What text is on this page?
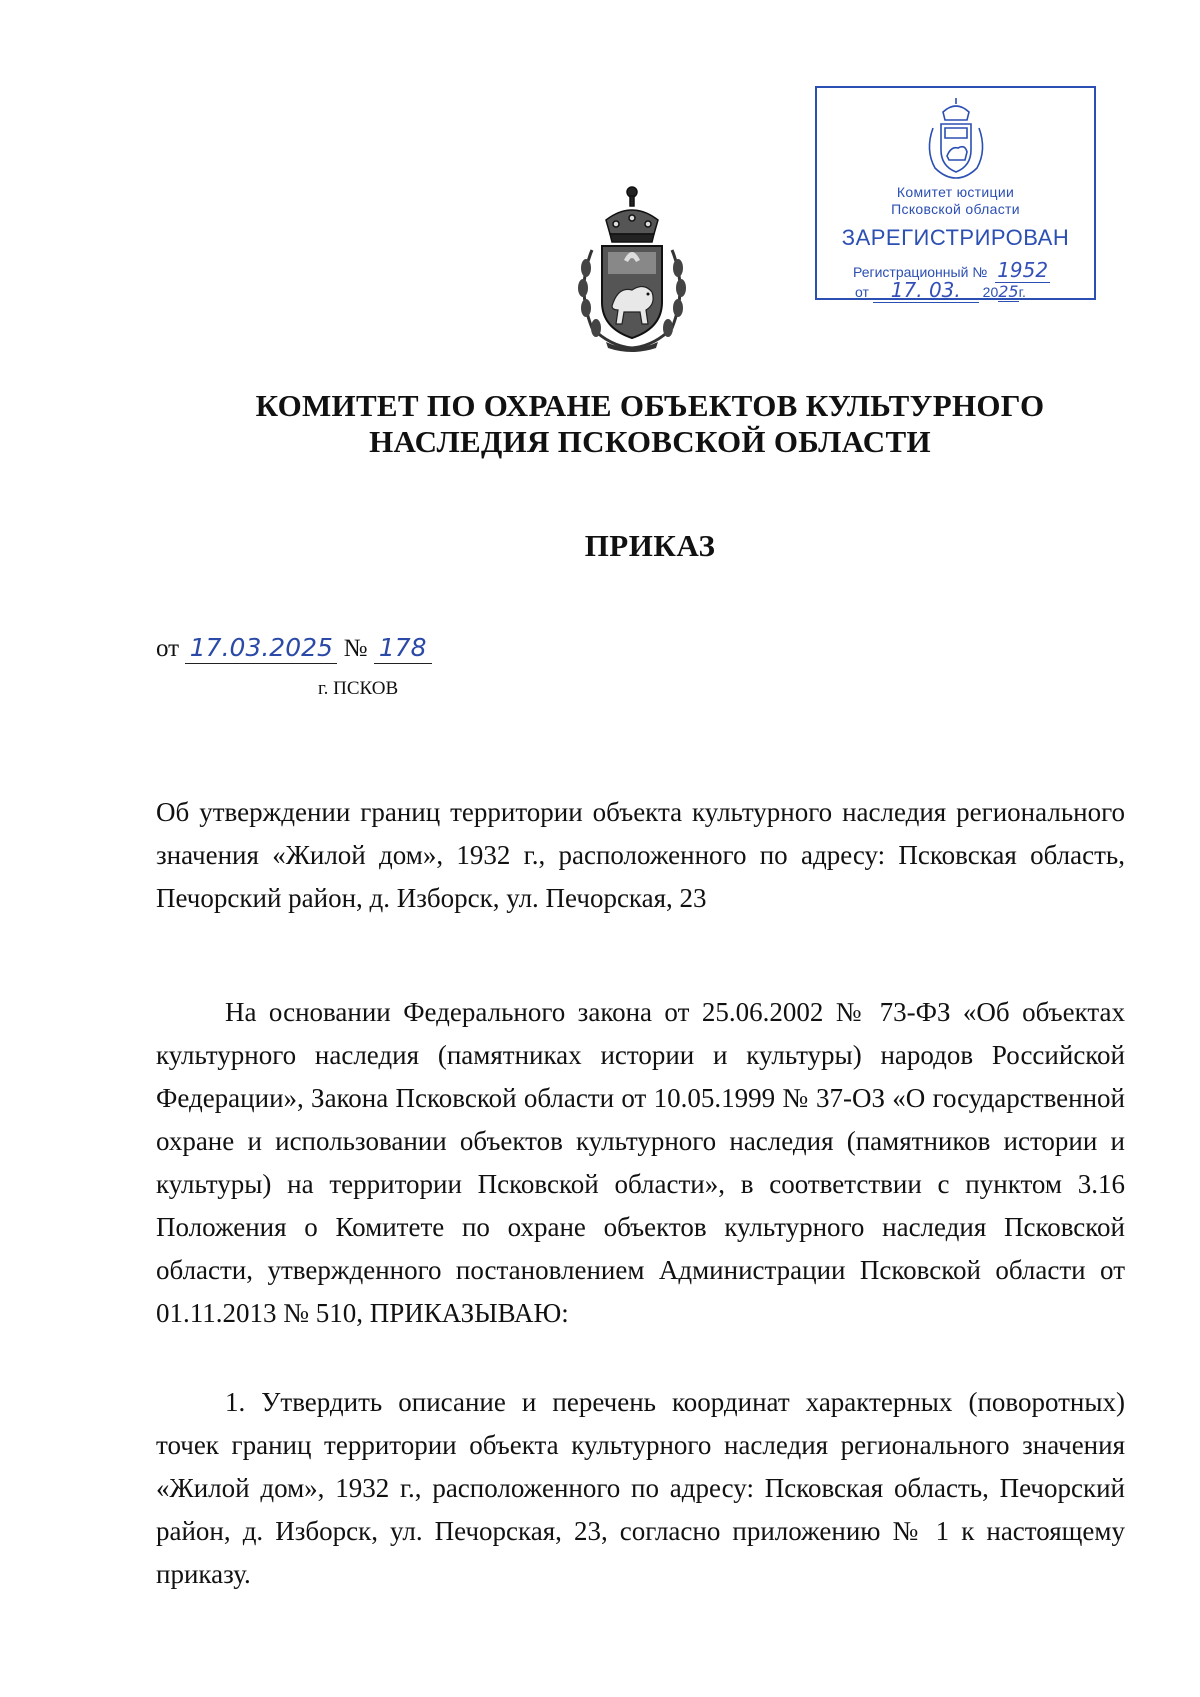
Комитет юстиции
Псковской области
ЗАРЕГИСТРИРОВАН
Регистрационный № 1952
от 17. 03. 2025г.
КОМИТЕТ ПО ОХРАНЕ ОБЪЕКТОВ КУЛЬТУРНОГО
НАСЛЕДИЯ ПСКОВСКОЙ ОБЛАСТИ
ПРИКАЗ
от 17.03.2025 № 178
г. ПСКОВ
Об утверждении границ территории объекта культурного наследия регионального значения «Жилой дом», 1932 г., расположенного по адресу: Псковская область, Печорский район, д. Изборск, ул. Печорская, 23
На основании Федерального закона от 25.06.2002 № 73-ФЗ «Об объектах культурного наследия (памятниках истории и культуры) народов Российской Федерации», Закона Псковской области от 10.05.1999 № 37-ОЗ «О государственной охране и использовании объектов культурного наследия (памятников истории и культуры) на территории Псковской области», в соответствии с пунктом 3.16 Положения о Комитете по охране объектов культурного наследия Псковской области, утвержденного постановлением Администрации Псковской области от 01.11.2013 № 510, ПРИКАЗЫВАЮ:
1. Утвердить описание и перечень координат характерных (поворотных) точек границ территории объекта культурного наследия регионального значения «Жилой дом», 1932 г., расположенного по адресу: Псковская область, Печорский район, д. Изборск, ул. Печорская, 23, согласно приложению № 1 к настоящему приказу.
